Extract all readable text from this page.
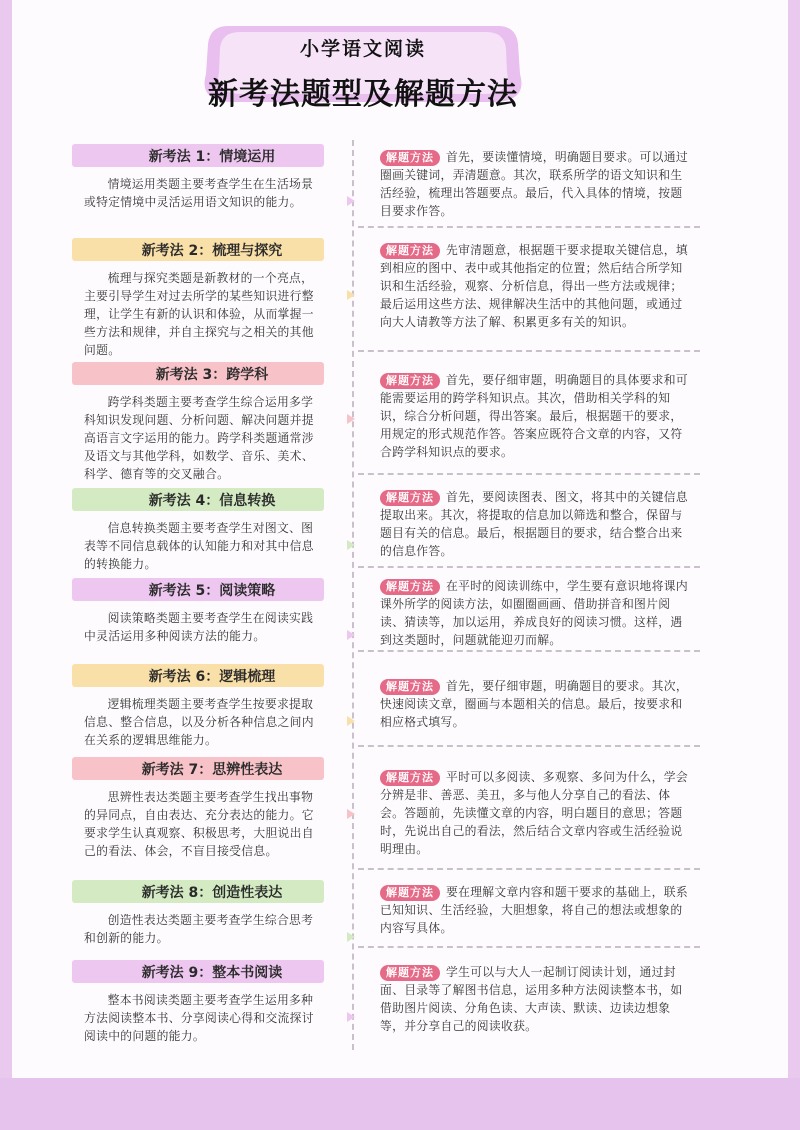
小学语文阅读
新考法题型及解题方法
新考法 1：情境运用
情境运用类题主要考查学生在生活场景或特定情境中灵活运用语文知识的能力。
解题方法 首先，要读懂情境，明确题目要求。可以通过圈画关键词，弄清题意。其次，联系所学的语文知识和生活经验，梳理出答题要点。最后，代入具体的情境，按题目要求作答。
新考法 2：梳理与探究
梳理与探究类题是新教材的一个亮点，主要引导学生对过去所学的某些知识进行整理，让学生有新的认识和体验，从而掌握一些方法和规律，并自主探究与之相关的其他问题。
解题方法 先审清题意，根据题干要求提取关键信息，填到相应的图中、表中或其他指定的位置；然后结合所学知识和生活经验，观察、分析信息，得出一些方法或规律；最后运用这些方法、规律解决生活中的其他问题，或通过向大人请教等方法了解、积累更多有关的知识。
新考法 3：跨学科
跨学科类题主要考查学生综合运用多学科知识发现问题、分析问题、解决问题并提高语言文字运用的能力。跨学科类题通常涉及语文与其他学科，如数学、音乐、美术、科学、德育等的交叉融合。
解题方法 首先，要仔细审题，明确题目的具体要求和可能需要运用的跨学科知识点。其次，借助相关学科的知识，综合分析问题，得出答案。最后，根据题干的要求，用规定的形式规范作答。答案应既符合文章的内容，又符合跨学科知识点的要求。
新考法 4：信息转换
信息转换类题主要考查学生对图文、图表等不同信息载体的认知能力和对其中信息的转换能力。
解题方法 首先，要阅读图表、图文，将其中的关键信息提取出来。其次，将提取的信息加以筛选和整合，保留与题目有关的信息。最后，根据题目的要求，结合整合出来的信息作答。
新考法 5：阅读策略
阅读策略类题主要考查学生在阅读实践中灵活运用多种阅读方法的能力。
解题方法 在平时的阅读训练中，学生要有意识地将课内课外所学的阅读方法，如圈圈画画、借助拼音和图片阅读、猜读等，加以运用，养成良好的阅读习惯。这样，遇到这类题时，问题就能迎刃而解。
新考法 6：逻辑梳理
逻辑梳理类题主要考查学生按要求提取信息、整合信息，以及分析各种信息之间内在关系的逻辑思维能力。
解题方法 首先，要仔细审题，明确题目的要求。其次，快速阅读文章，圈画与本题相关的信息。最后，按要求和相应格式填写。
新考法 7：思辨性表达
思辨性表达类题主要考查学生找出事物的异同点，自由表达、充分表达的能力。它要求学生认真观察、积极思考，大胆说出自己的看法、体会，不盲目接受信息。
解题方法 平时可以多阅读、多观察、多问为什么，学会分辨是非、善恶、美丑，多与他人分享自己的看法、体会。答题前，先读懂文章的内容，明白题目的意思；答题时，先说出自己的看法，然后结合文章内容或生活经验说明理由。
新考法 8：创造性表达
创造性表达类题主要考查学生综合思考和创新的能力。
解题方法 要在理解文章内容和题干要求的基础上，联系已知知识、生活经验，大胆想象，将自己的想法或想象的内容写具体。
新考法 9：整本书阅读
整本书阅读类题主要考查学生运用多种方法阅读整本书、分享阅读心得和交流探讨阅读中的问题的能力。
解题方法 学生可以与大人一起制订阅读计划，通过封面、目录等了解图书信息，运用多种方法阅读整本书，如借助图片阅读、分角色读、大声读、默读、边读边想象等，并分享自己的阅读收获。
